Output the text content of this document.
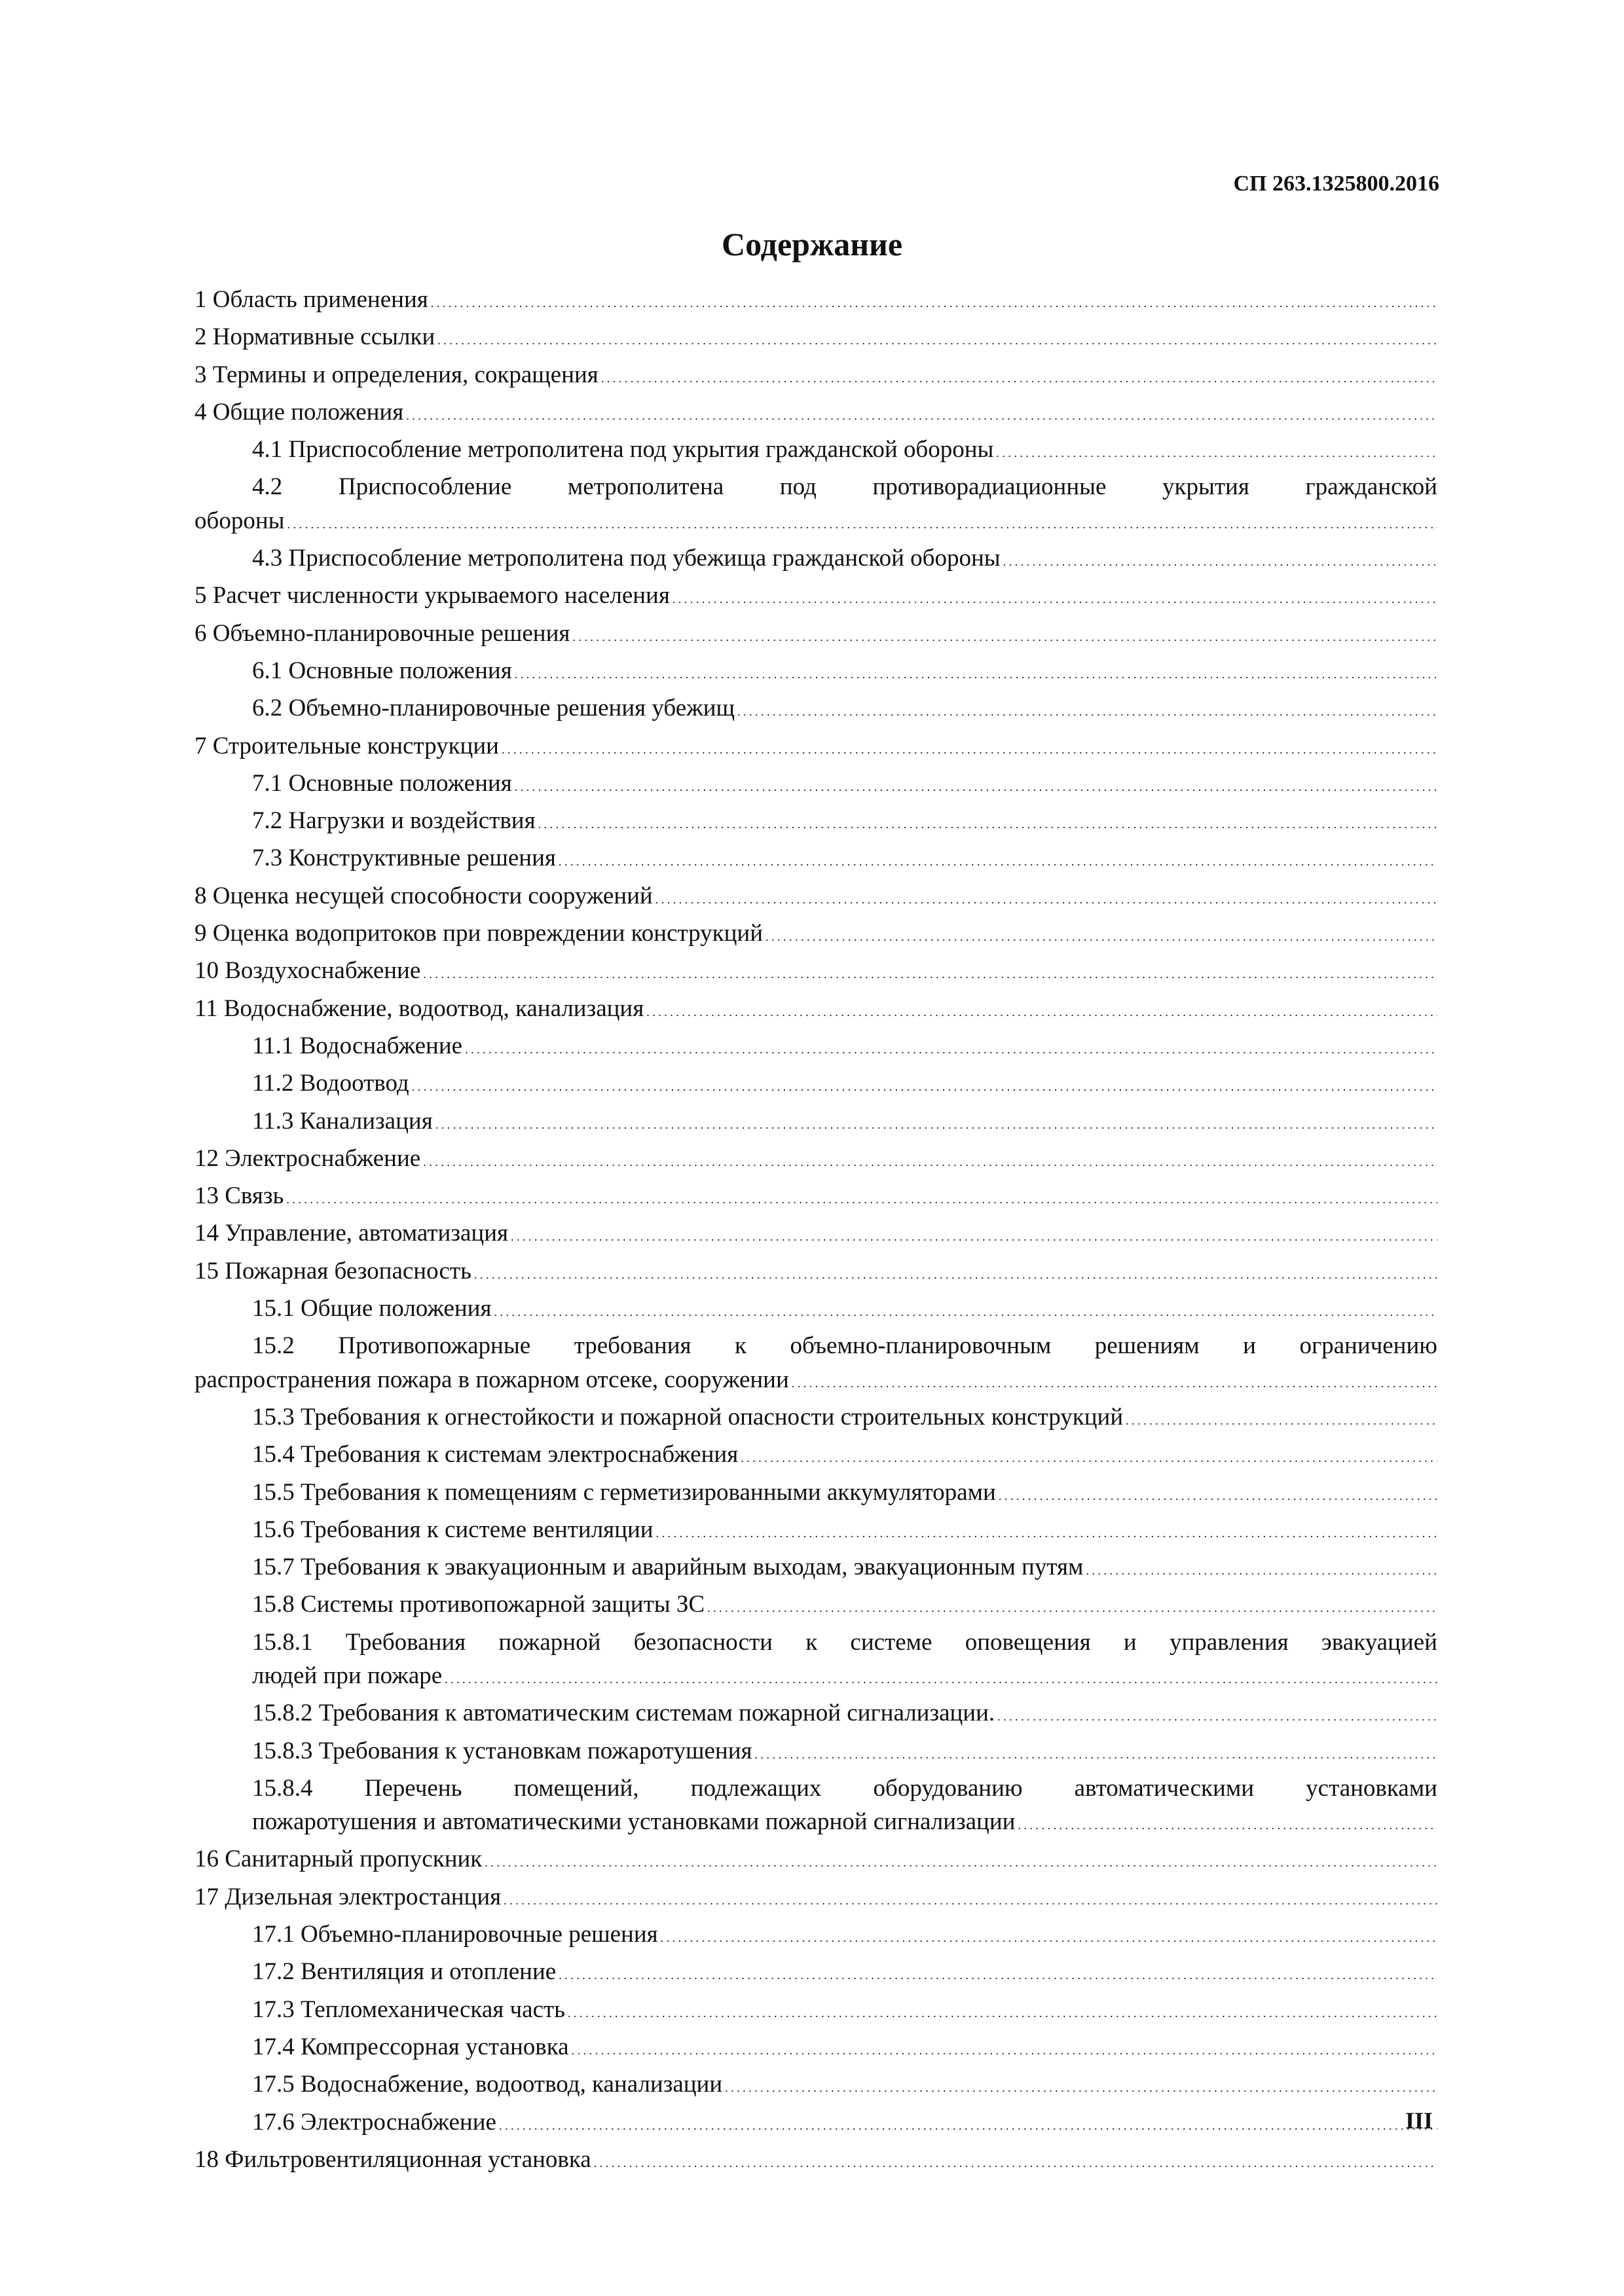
СП 263.1325800.2016
Содержание
1 Область применения
. . .
2 Нормативные ссылки
. . .
3 Термины и определения, сокращения
. . .
4 Общие положения
. . .
4.1 Приспособление метрополитена под укрытия гражданской обороны
. . .
4.2 Приспособление метрополитена под противорадиационные укрытия гражданской
обороны
. . .
4.3 Приспособление метрополитена под убежища гражданской обороны
. . .
5 Расчет численности укрываемого населения
. . .
6 Объемно-планировочные решения
. . .
6.1 Основные положения
. . .
6.2 Объемно-планировочные решения убежищ
. . .
7 Строительные конструкции
. . .
7.1 Основные положения
. . .
7.2 Нагрузки и воздействия
. . .
7.3 Конструктивные решения
. . .
8 Оценка несущей способности сооружений
. . .
9 Оценка водопритоков при повреждении конструкций
. . .
10 Воздухоснабжение
. . .
11 Водоснабжение, водоотвод, канализация
. . .
11.1 Водоснабжение
. . .
11.2 Водоотвод
. . .
11.3 Канализация
. . .
12 Электроснабжение
. . .
13 Связь
. . .
14 Управление, автоматизация
. . .
15 Пожарная безопасность
. . .
15.1 Общие положения
. . .
15.2 Противопожарные требования к объемно-планировочным решениям и ограничению
распространения пожара в пожарном отсеке, сооружении
. . .
15.3 Требования к огнестойкости и пожарной опасности строительных конструкций
. . .
15.4 Требования к системам электроснабжения
. . .
15.5 Требования к помещениям с герметизированными аккумуляторами
. . .
15.6 Требования к системе вентиляции
. . .
15.7 Требования к эвакуационным и аварийным выходам, эвакуационным путям
. . .
15.8 Системы противопожарной защиты ЗС
. . .
15.8.1 Требования пожарной безопасности к системе оповещения и управления эвакуацией
людей при пожаре
. . .
15.8.2 Требования к автоматическим системам пожарной сигнализации.
. . .
15.8.3 Требования к установкам пожаротушения
. . .
15.8.4 Перечень помещений, подлежащих оборудованию автоматическими установками
пожаротушения и автоматическими установками пожарной сигнализации
. . .
16 Санитарный пропускник
. . .
17 Дизельная электростанция
. . .
17.1 Объемно-планировочные решения
. . .
17.2 Вентиляция и отопление
. . .
17.3 Тепломеханическая часть
. . .
17.4 Компрессорная установка
. . .
17.5 Водоснабжение, водоотвод, канализации
. . .
17.6 Электроснабжение
. . .
18 Фильтровентиляционная установка
. . .
III
